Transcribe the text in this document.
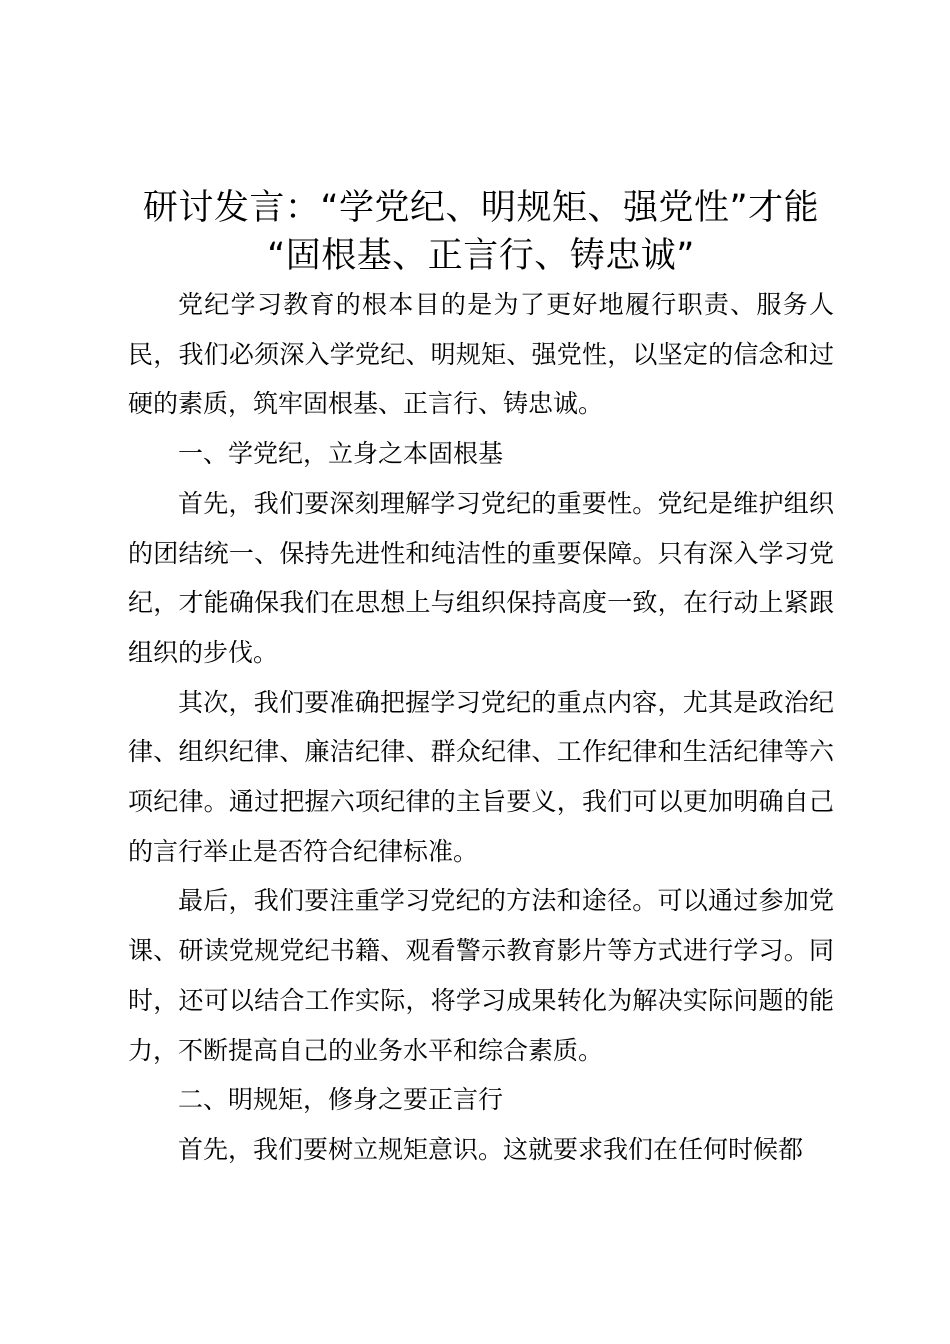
研讨发言：“学党纪、明规矩、强党性”才能
“固根基、正言行、铸忠诚”

党纪学习教育的根本目的是为了更好地履行职责、服务人民，我们必须深入学党纪、明规矩、强党性，以坚定的信念和过硬的素质，筑牢固根基、正言行、铸忠诚。

一、学党纪，立身之本固根基

首先，我们要深刻理解学习党纪的重要性。党纪是维护组织的团结统一、保持先进性和纯洁性的重要保障。只有深入学习党纪，才能确保我们在思想上与组织保持高度一致，在行动上紧跟组织的步伐。

其次，我们要准确把握学习党纪的重点内容，尤其是政治纪律、组织纪律、廉洁纪律、群众纪律、工作纪律和生活纪律等六项纪律。通过把握六项纪律的主旨要义，我们可以更加明确自己的言行举止是否符合纪律标准。

最后，我们要注重学习党纪的方法和途径。可以通过参加党课、研读党规党纪书籍、观看警示教育影片等方式进行学习。同时，还可以结合工作实际，将学习成果转化为解决实际问题的能力，不断提高自己的业务水平和综合素质。

二、明规矩，修身之要正言行

首先，我们要树立规矩意识。这就要求我们在任何时候都
